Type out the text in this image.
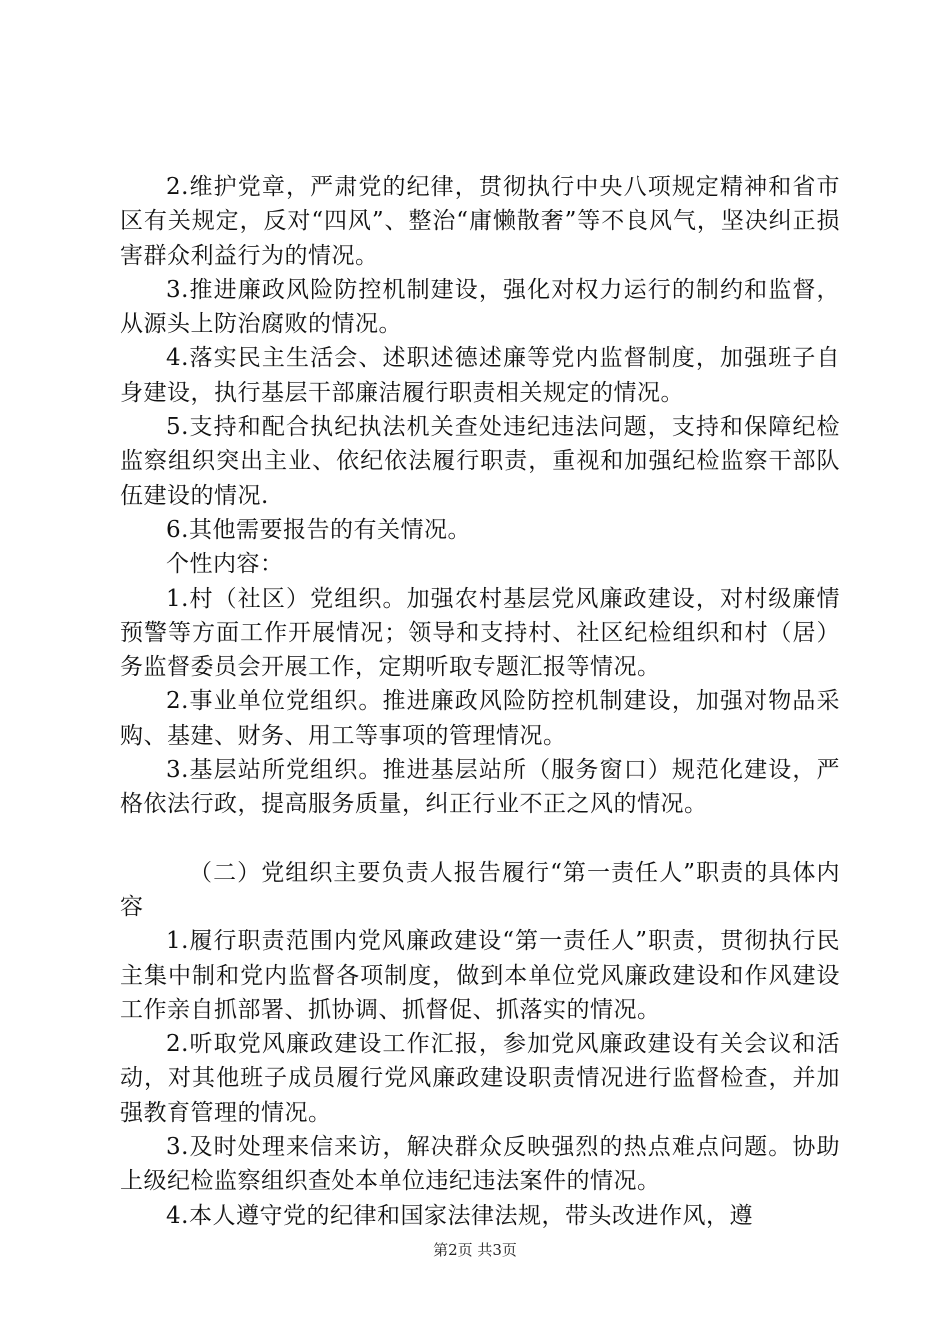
2.维护党章，严肃党的纪律，贯彻执行中央八项规定精神和省市区有关规定，反对“四风”、整治“庸懒散奢”等不良风气，坚决纠正损害群众利益行为的情况。

3.推进廉政风险防控机制建设，强化对权力运行的制约和监督，从源头上防治腐败的情况。

4.落实民主生活会、述职述德述廉等党内监督制度，加强班子自身建设，执行基层干部廉洁履行职责相关规定的情况。

5.支持和配合执纪执法机关查处违纪违法问题，支持和保障纪检监察组织突出主业、依纪依法履行职责，重视和加强纪检监察干部队伍建设的情况.

6.其他需要报告的有关情况。

个性内容：

1.村（社区）党组织。加强农村基层党风廉政建设，对村级廉情预警等方面工作开展情况；领导和支持村、社区纪检组织和村（居）务监督委员会开展工作，定期听取专题汇报等情况。

2.事业单位党组织。推进廉政风险防控机制建设，加强对物品采购、基建、财务、用工等事项的管理情况。

3.基层站所党组织。推进基层站所（服务窗口）规范化建设，严格依法行政，提高服务质量，纠正行业不正之风的情况。

（二）党组织主要负责人报告履行“第一责任人”职责的具体内容

1.履行职责范围内党风廉政建设“第一责任人”职责，贯彻执行民主集中制和党内监督各项制度，做到本单位党风廉政建设和作风建设工作亲自抓部署、抓协调、抓督促、抓落实的情况。

2.听取党风廉政建设工作汇报，参加党风廉政建设有关会议和活动，对其他班子成员履行党风廉政建设职责情况进行监督检查，并加强教育管理的情况。

3.及时处理来信来访，解决群众反映强烈的热点难点问题。协助上级纪检监察组织查处本单位违纪违法案件的情况。

4.本人遵守党的纪律和国家法律法规，带头改进作风，遵

第2页 共3页
